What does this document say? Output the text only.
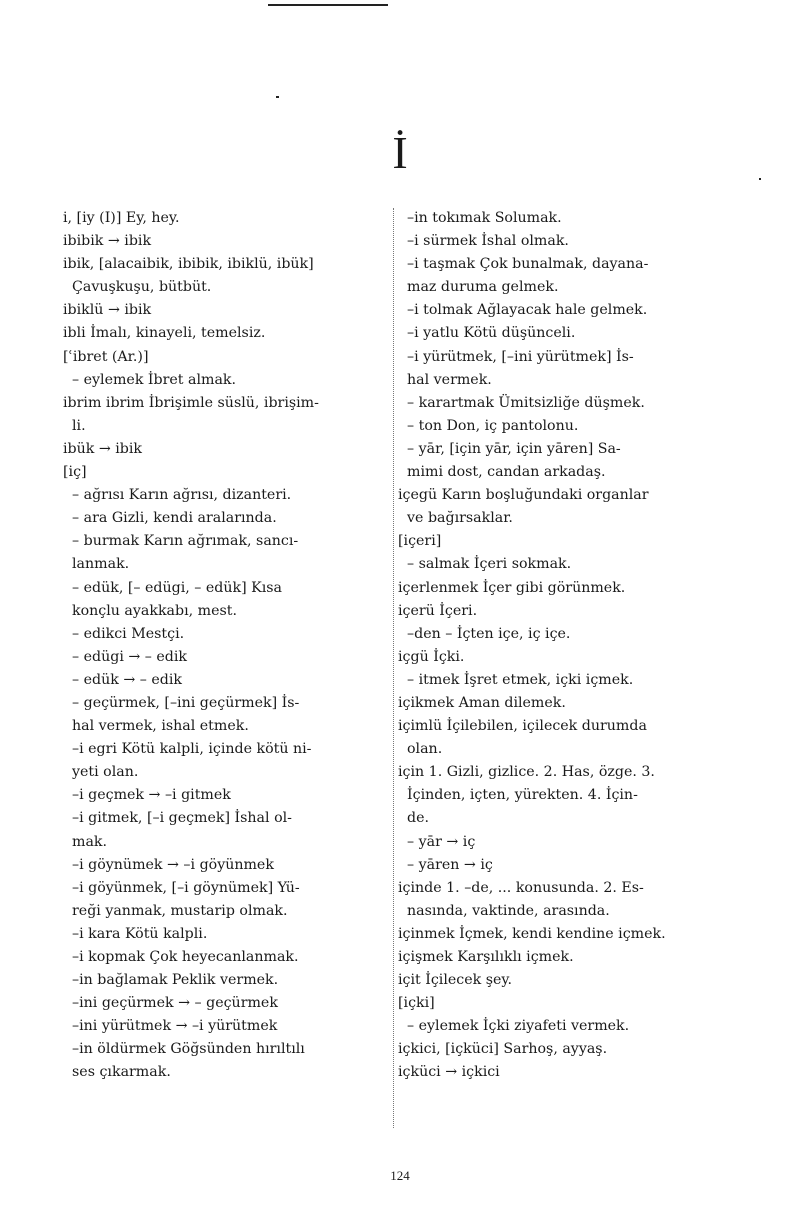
İ
i, [iy (I)] Ey, hey.
ibibik → ibik
ibik, [alacaibik, ibibik, ibiklü, ibük]
Çavuşkuşu, bütbüt.
ibiklü → ibik
ibli İmalı, kinayeli, temelsiz.
[ʿibret (Ar.)]
– eylemek İbret almak.
ibrim ibrim İbrişimle süslü, ibrişim-
li.
ibük → ibik
[iç]
– ağrısı Karın ağrısı, dizanteri.
– ara Gizli, kendi aralarında.
– burmak Karın ağrımak, sancı-
lanmak.
– edük, [– edügi, – edük] Kısa
konçlu ayakkabı, mest.
– edikci Mestçi.
– edügi → – edik
– edük → – edik
– geçürmek, [–ini geçürmek] İs-
hal vermek, ishal etmek.
–i egri Kötü kalpli, içinde kötü ni-
yeti olan.
–i geçmek → –i gitmek
–i gitmek, [–i geçmek] İshal ol-
mak.
–i göynümek → –i göyünmek
–i göyünmek, [–i göynümek] Yü-
reği yanmak, mustarip olmak.
–i kara Kötü kalpli.
–i kopmak Çok heyecanlanmak.
–in bağlamak Peklik vermek.
–ini geçürmek → – geçürmek
–ini yürütmek → –i yürütmek
–in öldürmek Göğsünden hırıltılı
ses çıkarmak.
–in tokımak Solumak.
–i sürmek İshal olmak.
–i taşmak Çok bunalmak, dayana-
maz duruma gelmek.
–i tolmak Ağlayacak hale gelmek.
–i yatlu Kötü düşünceli.
–i yürütmek, [–ini yürütmek] İs-
hal vermek.
– karartmak Ümitsizliğe düşmek.
– ton Don, iç pantolonu.
– yār, [için yār, için yāren] Sa-
mimi dost, candan arkadaş.
içegü Karın boşluğundaki organlar
ve bağırsaklar.
[içeri]
– salmak İçeri sokmak.
içerlenmek İçer gibi görünmek.
içerü İçeri.
–den – İçten içe, iç içe.
içgü İçki.
– itmek İşret etmek, içki içmek.
içikmek Aman dilemek.
içimlü İçilebilen, içilecek durumda
olan.
için 1. Gizli, gizlice. 2. Has, özge. 3.
İçinden, içten, yürekten. 4. İçin-
de.
– yār → iç
– yāren → iç
içinde 1. –de, ... konusunda. 2. Es-
nasında, vaktinde, arasında.
içinmek İçmek, kendi kendine içmek.
içişmek Karşılıklı içmek.
içit İçilecek şey.
[içki]
– eylemek İçki ziyafeti vermek.
içkici, [içküci] Sarhoş, ayyaş.
içküci → içkici
124
